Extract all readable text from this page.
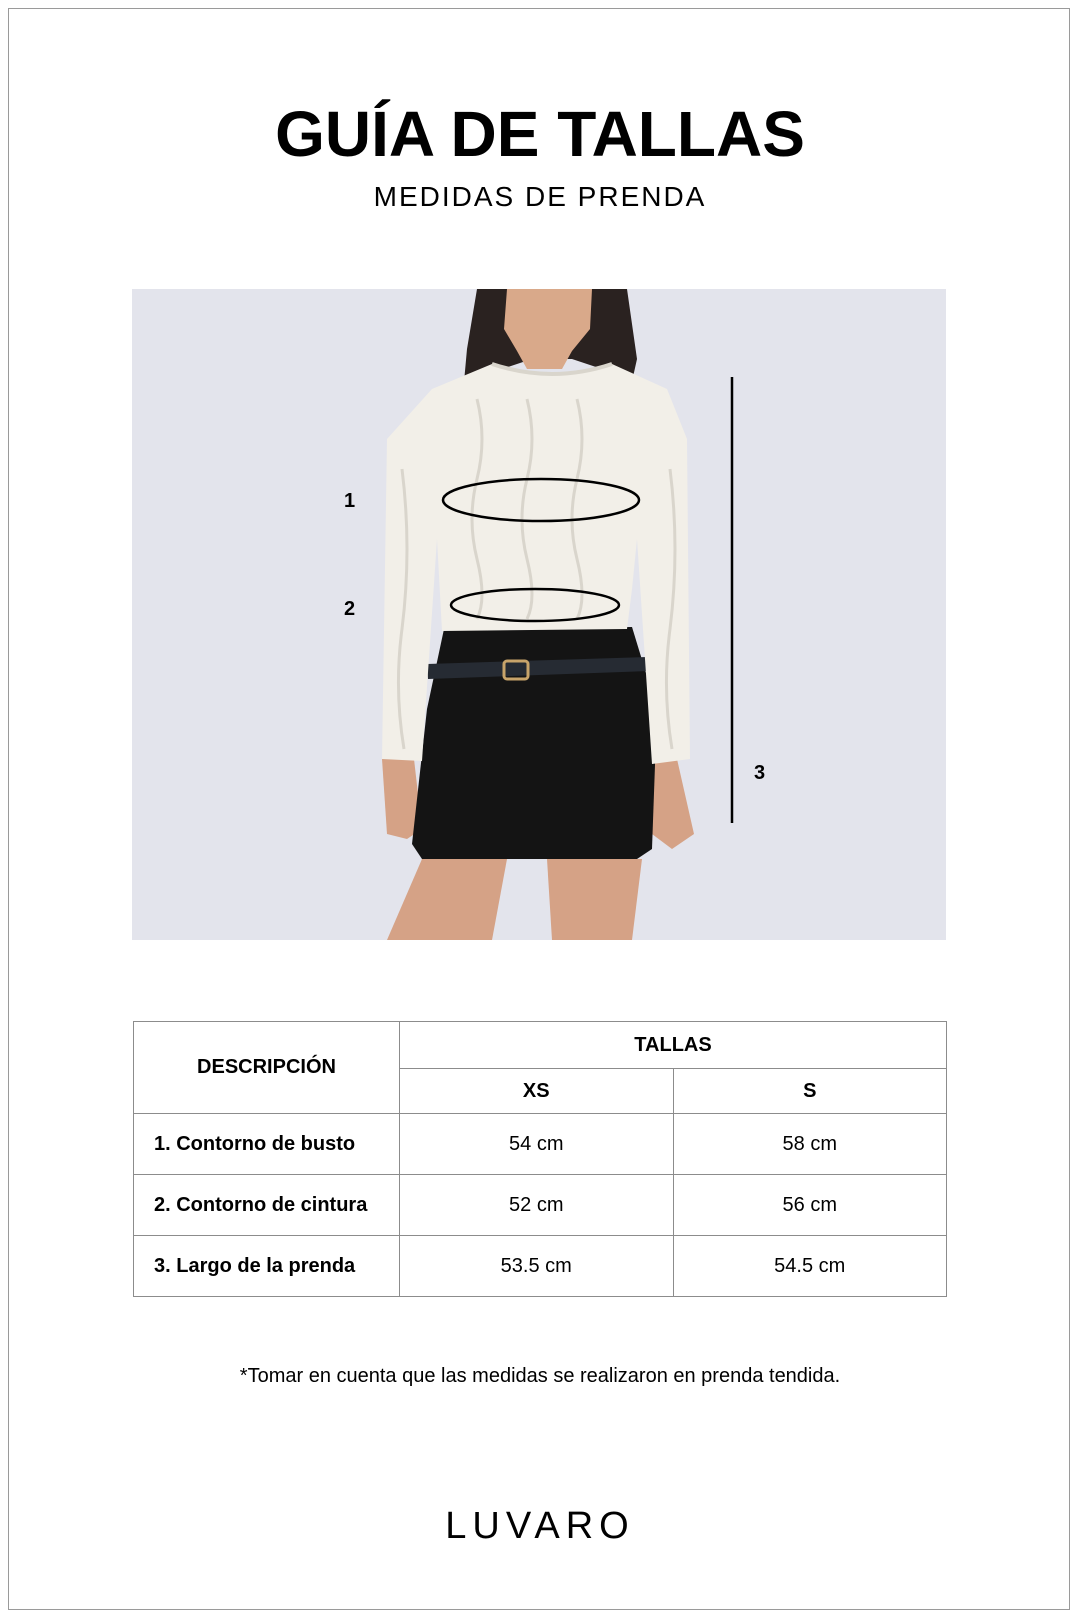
GUÍA DE TALLAS
MEDIDAS DE PRENDA
1
2
3
DESCRIPCIÓN	TALLAS	
	XS	S
1. Contorno de busto	54 cm	58 cm
2. Contorno de cintura	52 cm	56 cm
3. Largo de la prenda	53.5 cm	54.5 cm
*Tomar en cuenta que las medidas se realizaron en prenda tendida.
LUVARO
